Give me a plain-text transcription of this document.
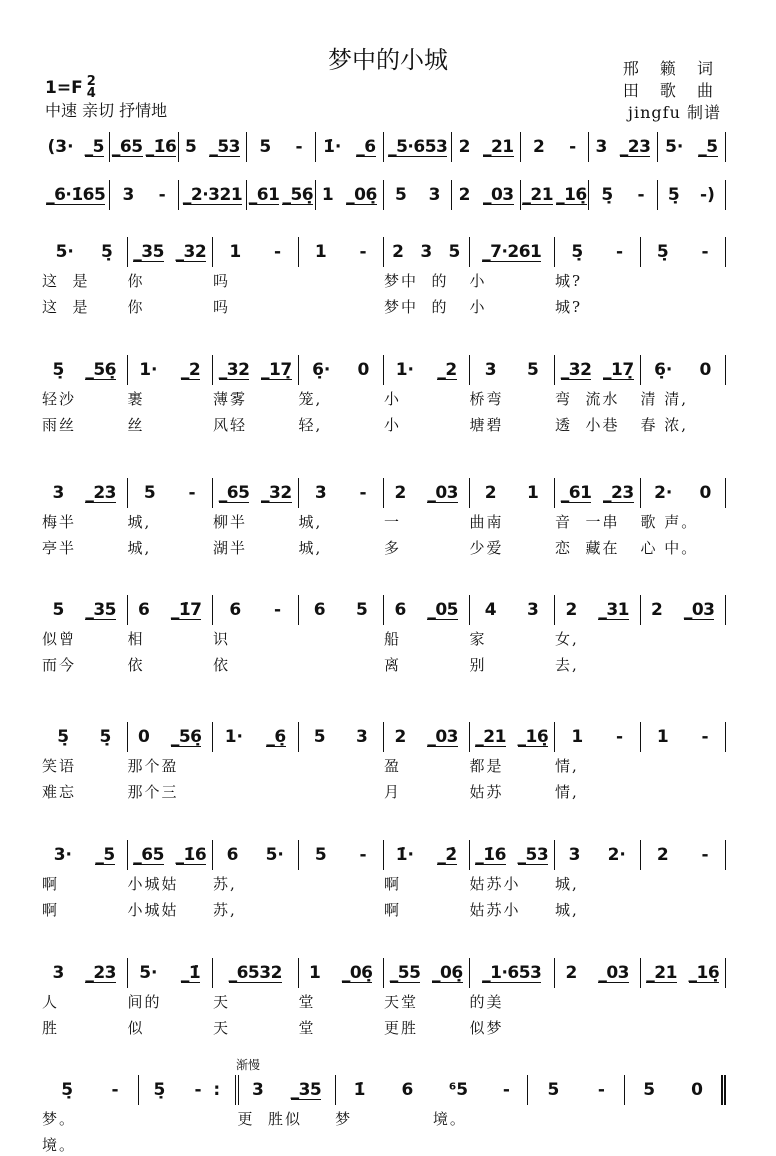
梦中的小城	邢 籁 词
田 歌 曲
jingfu 制谱
1=F 2
4
中速 亲切 抒情地
渐慢
(3· _5 _65 _1̇6 5 _53 5 - 1̇· _6 _5·653 2 _21 2 - 3 _23 5· _5
_6·1̇65 3 - _2·321 _61 _56̣ 1 _06̣ 5 3 2 _03 _21 _16̣ 5̣ - 5̣ -)
5· 5̣ _35 _32 1 - 1 - 2 3 5 _7·261 5̣ - 5̣ -
这  是	你	吗	梦中  的	小	城?
这  是	你	吗	梦中  的	小	城?
5̣ _56̣ 1· _2 _32 _17̣ 6̣· 0 1· _2 3 5 _32 _17̣ 6̣· 0
轻沙	裹	薄雾	笼,	小	桥弯	弯  流水	清 清,
雨丝	丝	风轻	轻,	小	塘碧	透  小巷	春 浓,
3 _23 5 - _65 _32 3 - 2 _03 2 1 _61 _23 2· 0
梅半	城,	柳半	城,	一	曲南	音  一串	歌 声。
亭半	城,	湖半	城,	多	少爱	恋  藏在	心 中。
5 _35 6 _1̇7 6 - 6 5 6 _05 4 3 2 _31 2 _03
似曾	相	识	船	家	女,
而今	依	依	离	别	去,
5̣ 5̣ 0 _56̣ 1· _6̣ 5 3 2 _03 _21 _16̣ 1 - 1 -
笑语	那个盈	盈	都是	情,
难忘	那个三	月	姑苏	情,
3· _5 _65 _1̇6 6 5· 5 - 1̇· _2̇ _1̇6 _53 3 2· 2 -
啊	小城姑	苏,	啊	姑苏小	城,
啊	小城姑	苏,	啊	姑苏小	城,
3 _23 5· _1̇ _6532 1 _06̣ _55 _06̣ _1·653 2 _03 _21 _16̣
人	间的	天	堂	天堂	的美
胜	似	天	堂	更胜	似梦
5̣ - 5̣ -  : 3 _35 1̇ 6 ⁶5 - 5 - 5 0
梦。	更  胜似	梦	境。
境。
